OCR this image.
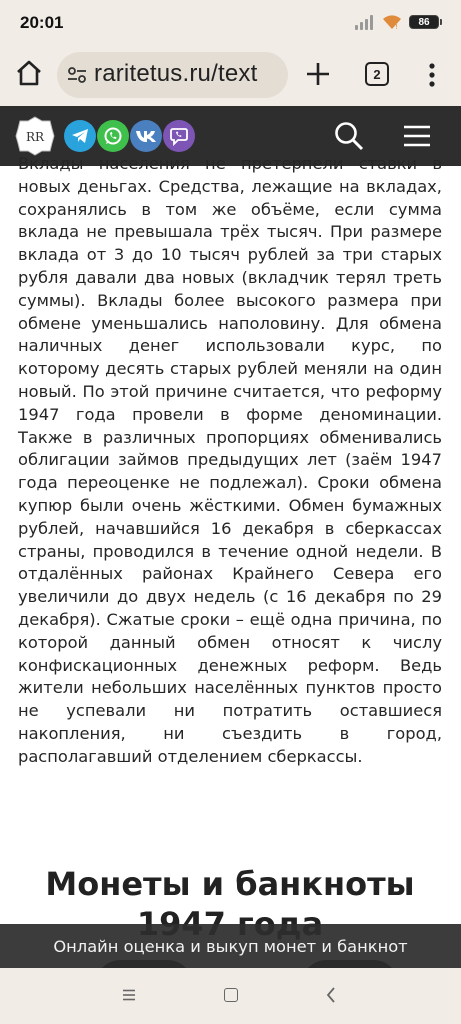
20:01	! 86
raritetus.ru/text	2
RR

Вклады населения не претерпели ставки в новых деньгах. Средства, лежащие на вкладах, сохранялись в том же объёме, если сумма вклада не превышала трёх тысяч. При размере вклада от 3 до 10 тысяч рублей за три старых рубля давали два новых (вкладчик терял треть суммы). Вклады более высокого размера при обмене уменьшались наполовину. Для обмена наличных денег использовали курс, по которому десять старых рублей меняли на один новый. По этой причине считается, что реформу 1947 года провели в форме деноминации. Также в различных пропорциях обменивались облигации займов предыдущих лет (заём 1947 года переоценке не подлежал). Сроки обмена купюр были очень жёсткими. Обмен бумажных рублей, начавшийся 16 декабря в сберкассах страны, проводился в течение одной недели. В отдалённых районах Крайнего Севера его увеличили до двух недель (с 16 декабря по 29 декабря). Сжатые сроки – ещё одна причина, по которой данный обмен относят к числу конфискационных денежных реформ. Ведь жители небольших населённых пунктов просто не успевали ни потратить оставшиеся накопления, ни съездить в город, располагавший отделением сберкассы.

Монеты и банкноты
Онлайн оценка и выкуп монет и банкнот
